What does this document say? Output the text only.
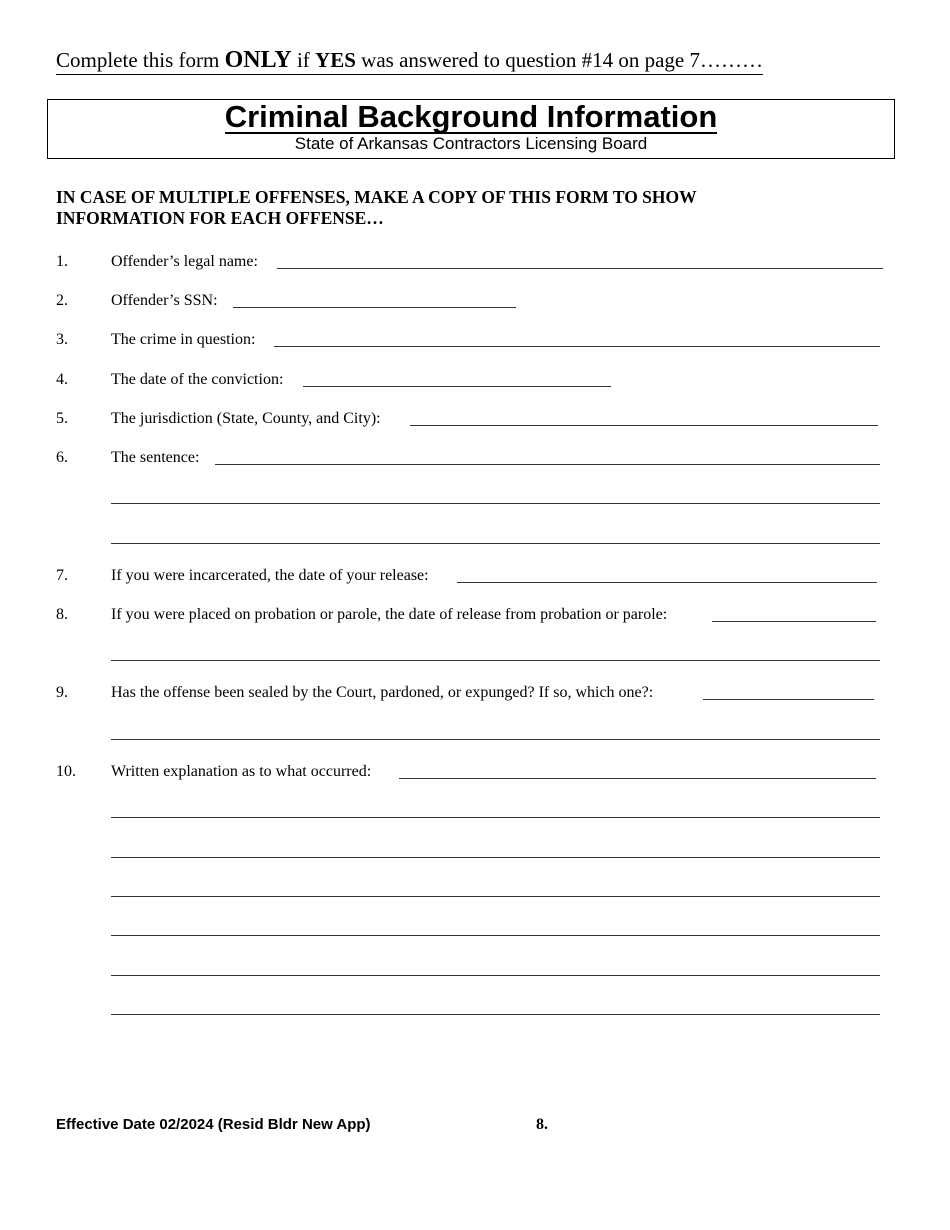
Complete this form ONLY if YES was answered to question #14 on page 7………
Criminal Background Information
State of Arkansas Contractors Licensing Board
IN CASE OF MULTIPLE OFFENSES, MAKE A COPY OF THIS FORM TO SHOW INFORMATION FOR EACH OFFENSE…
1.	Offender’s legal name:
2.	Offender’s SSN:
3.	The crime in question:
4.	The date of the conviction:
5.	The jurisdiction (State, County, and City):
6.	The sentence:
7.	If you were incarcerated, the date of your release:
8.	If you were placed on probation or parole, the date of release from probation or parole:
9.	Has the offense been sealed by the Court, pardoned, or expunged? If so, which one?:
10. Written explanation as to what occurred:
Effective Date 02/2024 (Resid Bldr New App)	8.
